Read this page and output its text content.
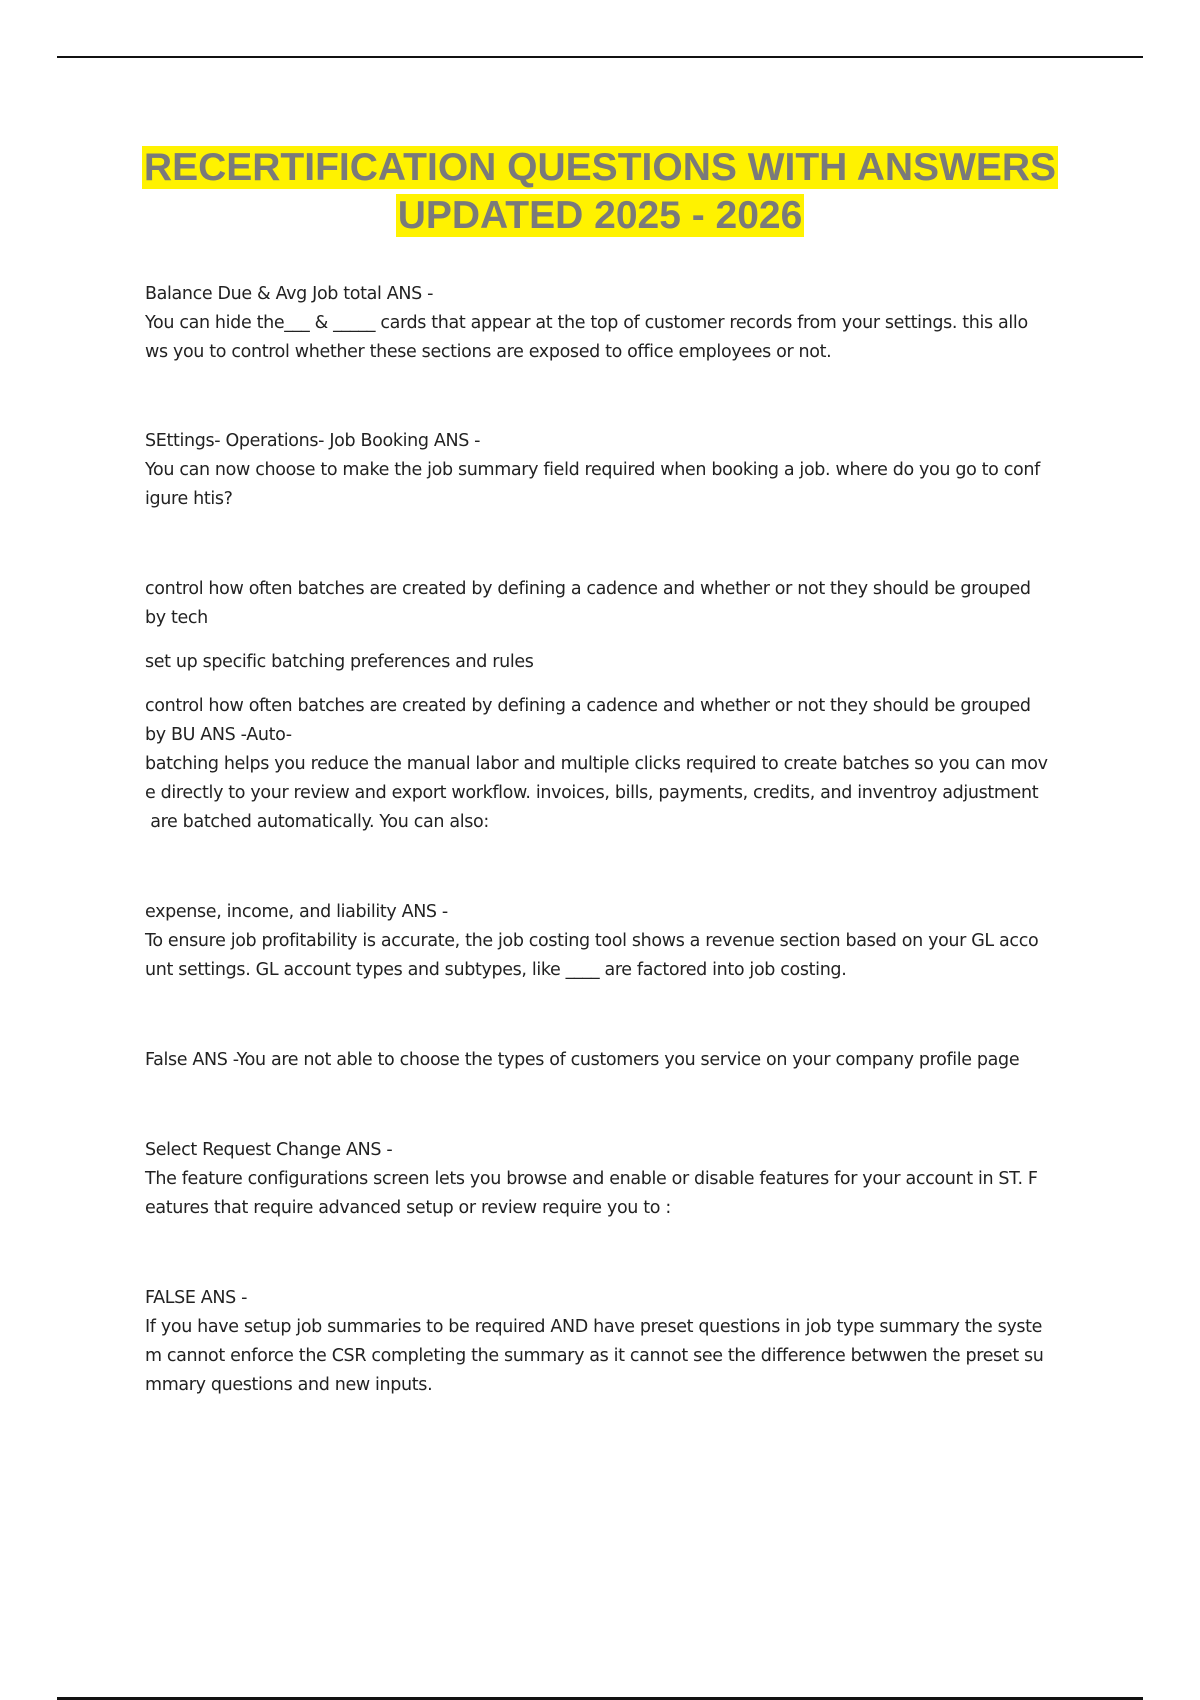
RECERTIFICATION QUESTIONS WITH ANSWERS
UPDATED 2025 - 2026

Balance Due & Avg Job total ANS -

You can hide the___ & _____ cards that appear at the top of customer records from your settings. this allo

ws you to control whether these sections are exposed to office employees or not.

SEttings- Operations- Job Booking ANS -

You can now choose to make the job summary field required when booking a job. where do you go to conf

igure htis?

control how often batches are created by defining a cadence and whether or not they should be grouped

by tech

set up specific batching preferences and rules

control how often batches are created by defining a cadence and whether or not they should be grouped

by BU ANS -Auto-

batching helps you reduce the manual labor and multiple clicks required to create batches so you can mov

e directly to your review and export workflow. invoices, bills, payments, credits, and inventroy adjustment

are batched automatically. You can also:

expense, income, and liability ANS -

To ensure job profitability is accurate, the job costing tool shows a revenue section based on your GL acco

unt settings. GL account types and subtypes, like ____ are factored into job costing.

False ANS -You are not able to choose the types of customers you service on your company profile page

Select Request Change ANS -

The feature configurations screen lets you browse and enable or disable features for your account in ST. F

eatures that require advanced setup or review require you to :

FALSE ANS -

If you have setup job summaries to be required AND have preset questions in job type summary the syste

m cannot enforce the CSR completing the summary as it cannot see the difference betwwen the preset su

mmary questions and new inputs.
